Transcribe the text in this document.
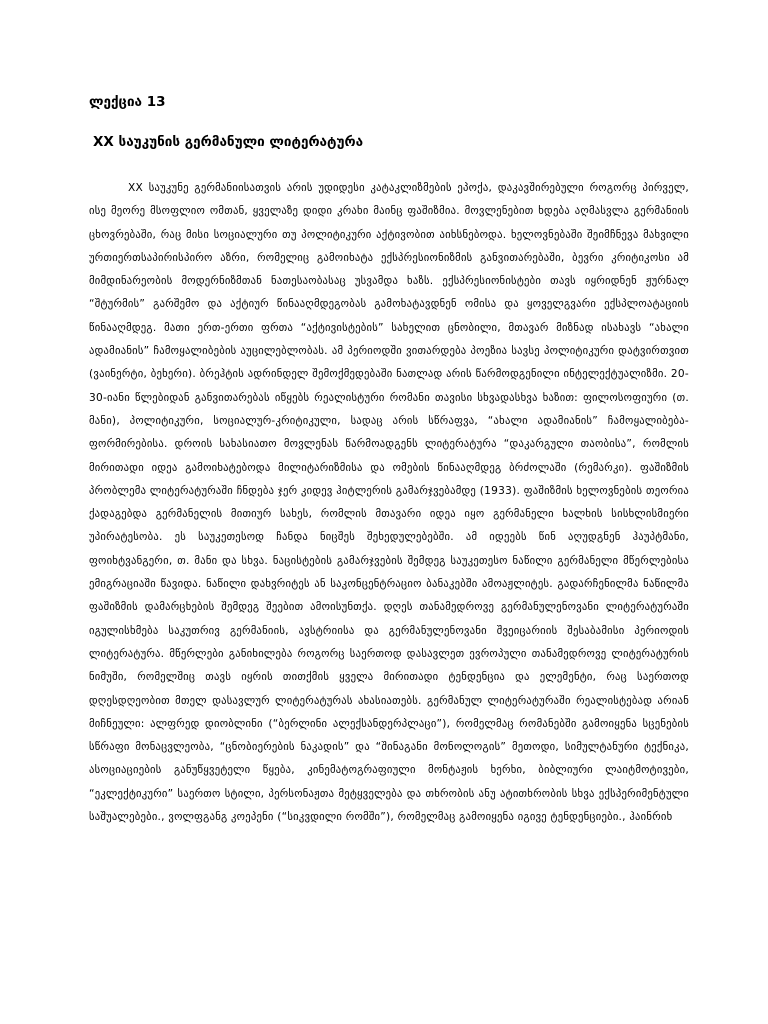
ლექცია 13
XX საუკუნის გერმანული ლიტერატურა

XX საუკუნე გერმანიისათვის არის უდიდესი კატაკლიზმების ეპოქა, დაკავშირებული როგორც პირველ, ისე მეორე მსოფლიო ომთან, ყველაზე დიდი კრახი მაინც ფაშიზმია. მოვლენებით ხდება აღმასვლა გერმანიის ცხოვრებაში, რაც მისი სოციალური თუ პოლიტიკური აქტივობით აიხსნებოდა. ხელოვნებაში შეიმჩნევა მახვილი ურთიერთსაპირისპირო აზრი, რომელიც გამოიხატა ექსპრესიონიზმის განვითარებაში, ბევრი კრიტიკოსი ამ მიმდინარეობის მოდერნიზმთან ნათესაობასაც უსვამდა ხაზს. ექსპრესიონისტები თავს იყრიდნენ ჟურნალ “შტურმის” გარშემო და აქტიურ წინააღმდეგობას გამოხატავდნენ ომისა და ყოველგვარი ექსპლოატაციის წინააღმდეგ. მათი ერთ-ერთი ფრთა “აქტივისტების” სახელით ცნობილი, მთავარ მიზნად ისახავს “ახალი ადამიანის” ჩამოყალიბების აუცილებლობას. ამ პერიოდში ვითარდება პოეზია სავსე პოლიტიკური დატვირთვით (ვაინერტი, ბეხერი). ბრეჰტის ადრინდელ შემოქმედებაში ნათლად არის წარმოდგენილი ინტელექტუალიზმი. 20-30-იანი წლებიდან განვითარებას იწყებს რეალისტური რომანი თავისი სხვადასხვა ხაზით: ფილოსოფიური (თ. მანი), პოლიტიკური, სოციალურ-კრიტიკული, სადაც არის სწრაფვა, “ახალი ადამიანის” ჩამოყალიბება-ფორმირებისა. დროის სახასიათო მოვლენას წარმოადგენს ლიტერატურა “დაკარგული თაობისა”, რომლის მირითადი იდეა გამოიხატებოდა მილიტარიზმისა და ომების წინააღმდეგ ბრძოლაში (რემარკი). ფაშიზმის პრობლემა ლიტერატურაში ჩნდება ჯერ კიდევ ჰიტლერის გამარჯვებამდე (1933). ფაშიზმის ხელოვნების თეორია ქადაგებდა გერმანელის მითიურ სახეს, რომლის მთავარი იდეა იყო გერმანელი ხალხის სისხლისმიერი უპირატესობა. ეს საუკეთესოდ ჩანდა ნიცშეს შეხედულებებში. ამ იდეებს წინ აღუდგნენ ჰაუპტმანი, ფოიხტვანგერი, თ. მანი და სხვა. ნაცისტების გამარჯვების შემდეგ საუკეთესო ნაწილი გერმანელი მწერლებისა ემიგრაციაში წავიდა. ნაწილი დახვრიტეს ან საკონცენტრაციო ბანაკებში ამოაჟლიტეს. გადარჩენილმა ნაწილმა ფაშიზმის დამარცხების შემდეგ შეებით ამოისუნთქა. დღეს თანამედროვე გერმანულენოვანი ლიტერატურაში იგულისხმება საკუთრივ გერმანიის, ავსტრიისა და გერმანულენოვანი შვეიცარიის შესაბამისი პერიოდის ლიტერატურა. მწერლები განიხილება როგორც საერთოდ დასავლეთ ევროპული თანამედროვე ლიტერატურის ნიმუში, რომელშიც თავს იყრის თითქმის ყველა მირითადი ტენდენცია და ელემენტი, რაც საერთოდ დღესდღეობით მთელ დასავლურ ლიტერატურას ახასიათებს. გერმანულ ლიტერატურაში რეალისტებად არიან მიჩნეული: ალფრედ დიობლინი (“ბერლინი ალექსანდერპლაცი”), რომელმაც რომანებში გამოიყენა სცენების სწრაფი მონაცვლეობა, “ცნობიერების ნაკადის” და “შინაგანი მონოლოგის” მეთოდი, სიმულტანური ტექნიკა, ასოციაციების განუწყვეტელი წყება, კინემატოგრაფიული მონტაჟის ხერხი, ბიბლიური ლაიტმოტივები, “ეკლექტიკური” საერთო სტილი, პერსონაჟთა მეტყველება და თხრობის ანუ ატითხრობის სხვა ექსპერიმენტული საშუალებები., ვოლფგანგ კოეპენი (“სიკვდილი რომში”), რომელმაც გამოიყენა იგივე ტენდენციები., ჰაინრიხ
